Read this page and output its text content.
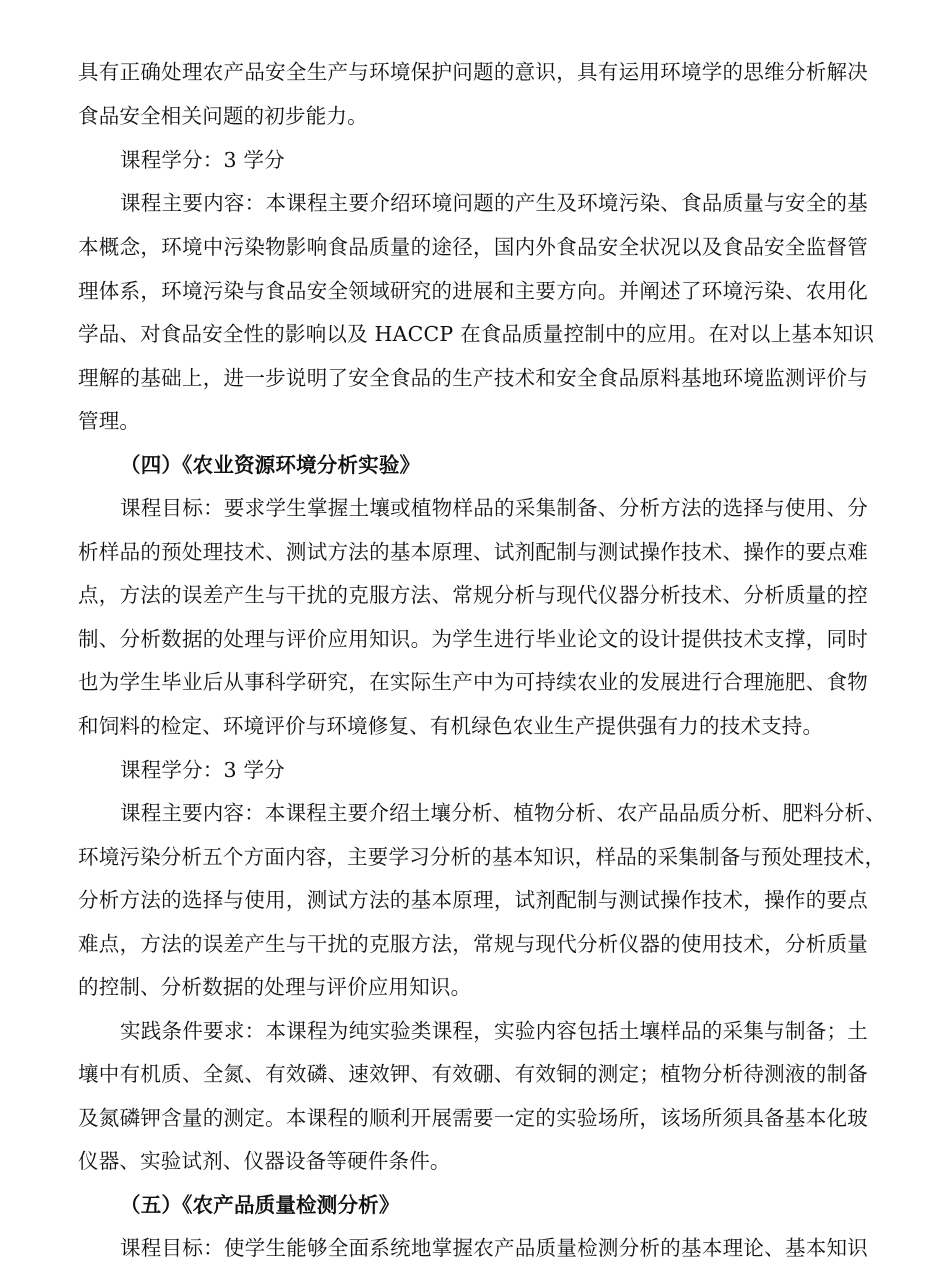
具有正确处理农产品安全生产与环境保护问题的意识，具有运用环境学的思维分析解决
食品安全相关问题的初步能力。
课程学分：3 学分
课程主要内容：本课程主要介绍环境问题的产生及环境污染、食品质量与安全的基
本概念，环境中污染物影响食品质量的途径，国内外食品安全状况以及食品安全监督管
理体系，环境污染与食品安全领域研究的进展和主要方向。并阐述了环境污染、农用化
学品、对食品安全性的影响以及 HACCP 在食品质量控制中的应用。在对以上基本知识
理解的基础上，进一步说明了安全食品的生产技术和安全食品原料基地环境监测评价与
管理。
（四）《农业资源环境分析实验》
课程目标：要求学生掌握土壤或植物样品的采集制备、分析方法的选择与使用、分
析样品的预处理技术、测试方法的基本原理、试剂配制与测试操作技术、操作的要点难
点，方法的误差产生与干扰的克服方法、常规分析与现代仪器分析技术、分析质量的控
制、分析数据的处理与评价应用知识。为学生进行毕业论文的设计提供技术支撑，同时
也为学生毕业后从事科学研究，在实际生产中为可持续农业的发展进行合理施肥、食物
和饲料的检定、环境评价与环境修复、有机绿色农业生产提供强有力的技术支持。
课程学分：3 学分
课程主要内容：本课程主要介绍土壤分析、植物分析、农产品品质分析、肥料分析、
环境污染分析五个方面内容，主要学习分析的基本知识，样品的采集制备与预处理技术，
分析方法的选择与使用，测试方法的基本原理，试剂配制与测试操作技术，操作的要点
难点，方法的误差产生与干扰的克服方法，常规与现代分析仪器的使用技术，分析质量
的控制、分析数据的处理与评价应用知识。
实践条件要求：本课程为纯实验类课程，实验内容包括土壤样品的采集与制备；土
壤中有机质、全氮、有效磷、速效钾、有效硼、有效铜的测定；植物分析待测液的制备
及氮磷钾含量的测定。本课程的顺利开展需要一定的实验场所，该场所须具备基本化玻
仪器、实验试剂、仪器设备等硬件条件。
（五）《农产品质量检测分析》
课程目标：使学生能够全面系统地掌握农产品质量检测分析的基本理论、基本知识
